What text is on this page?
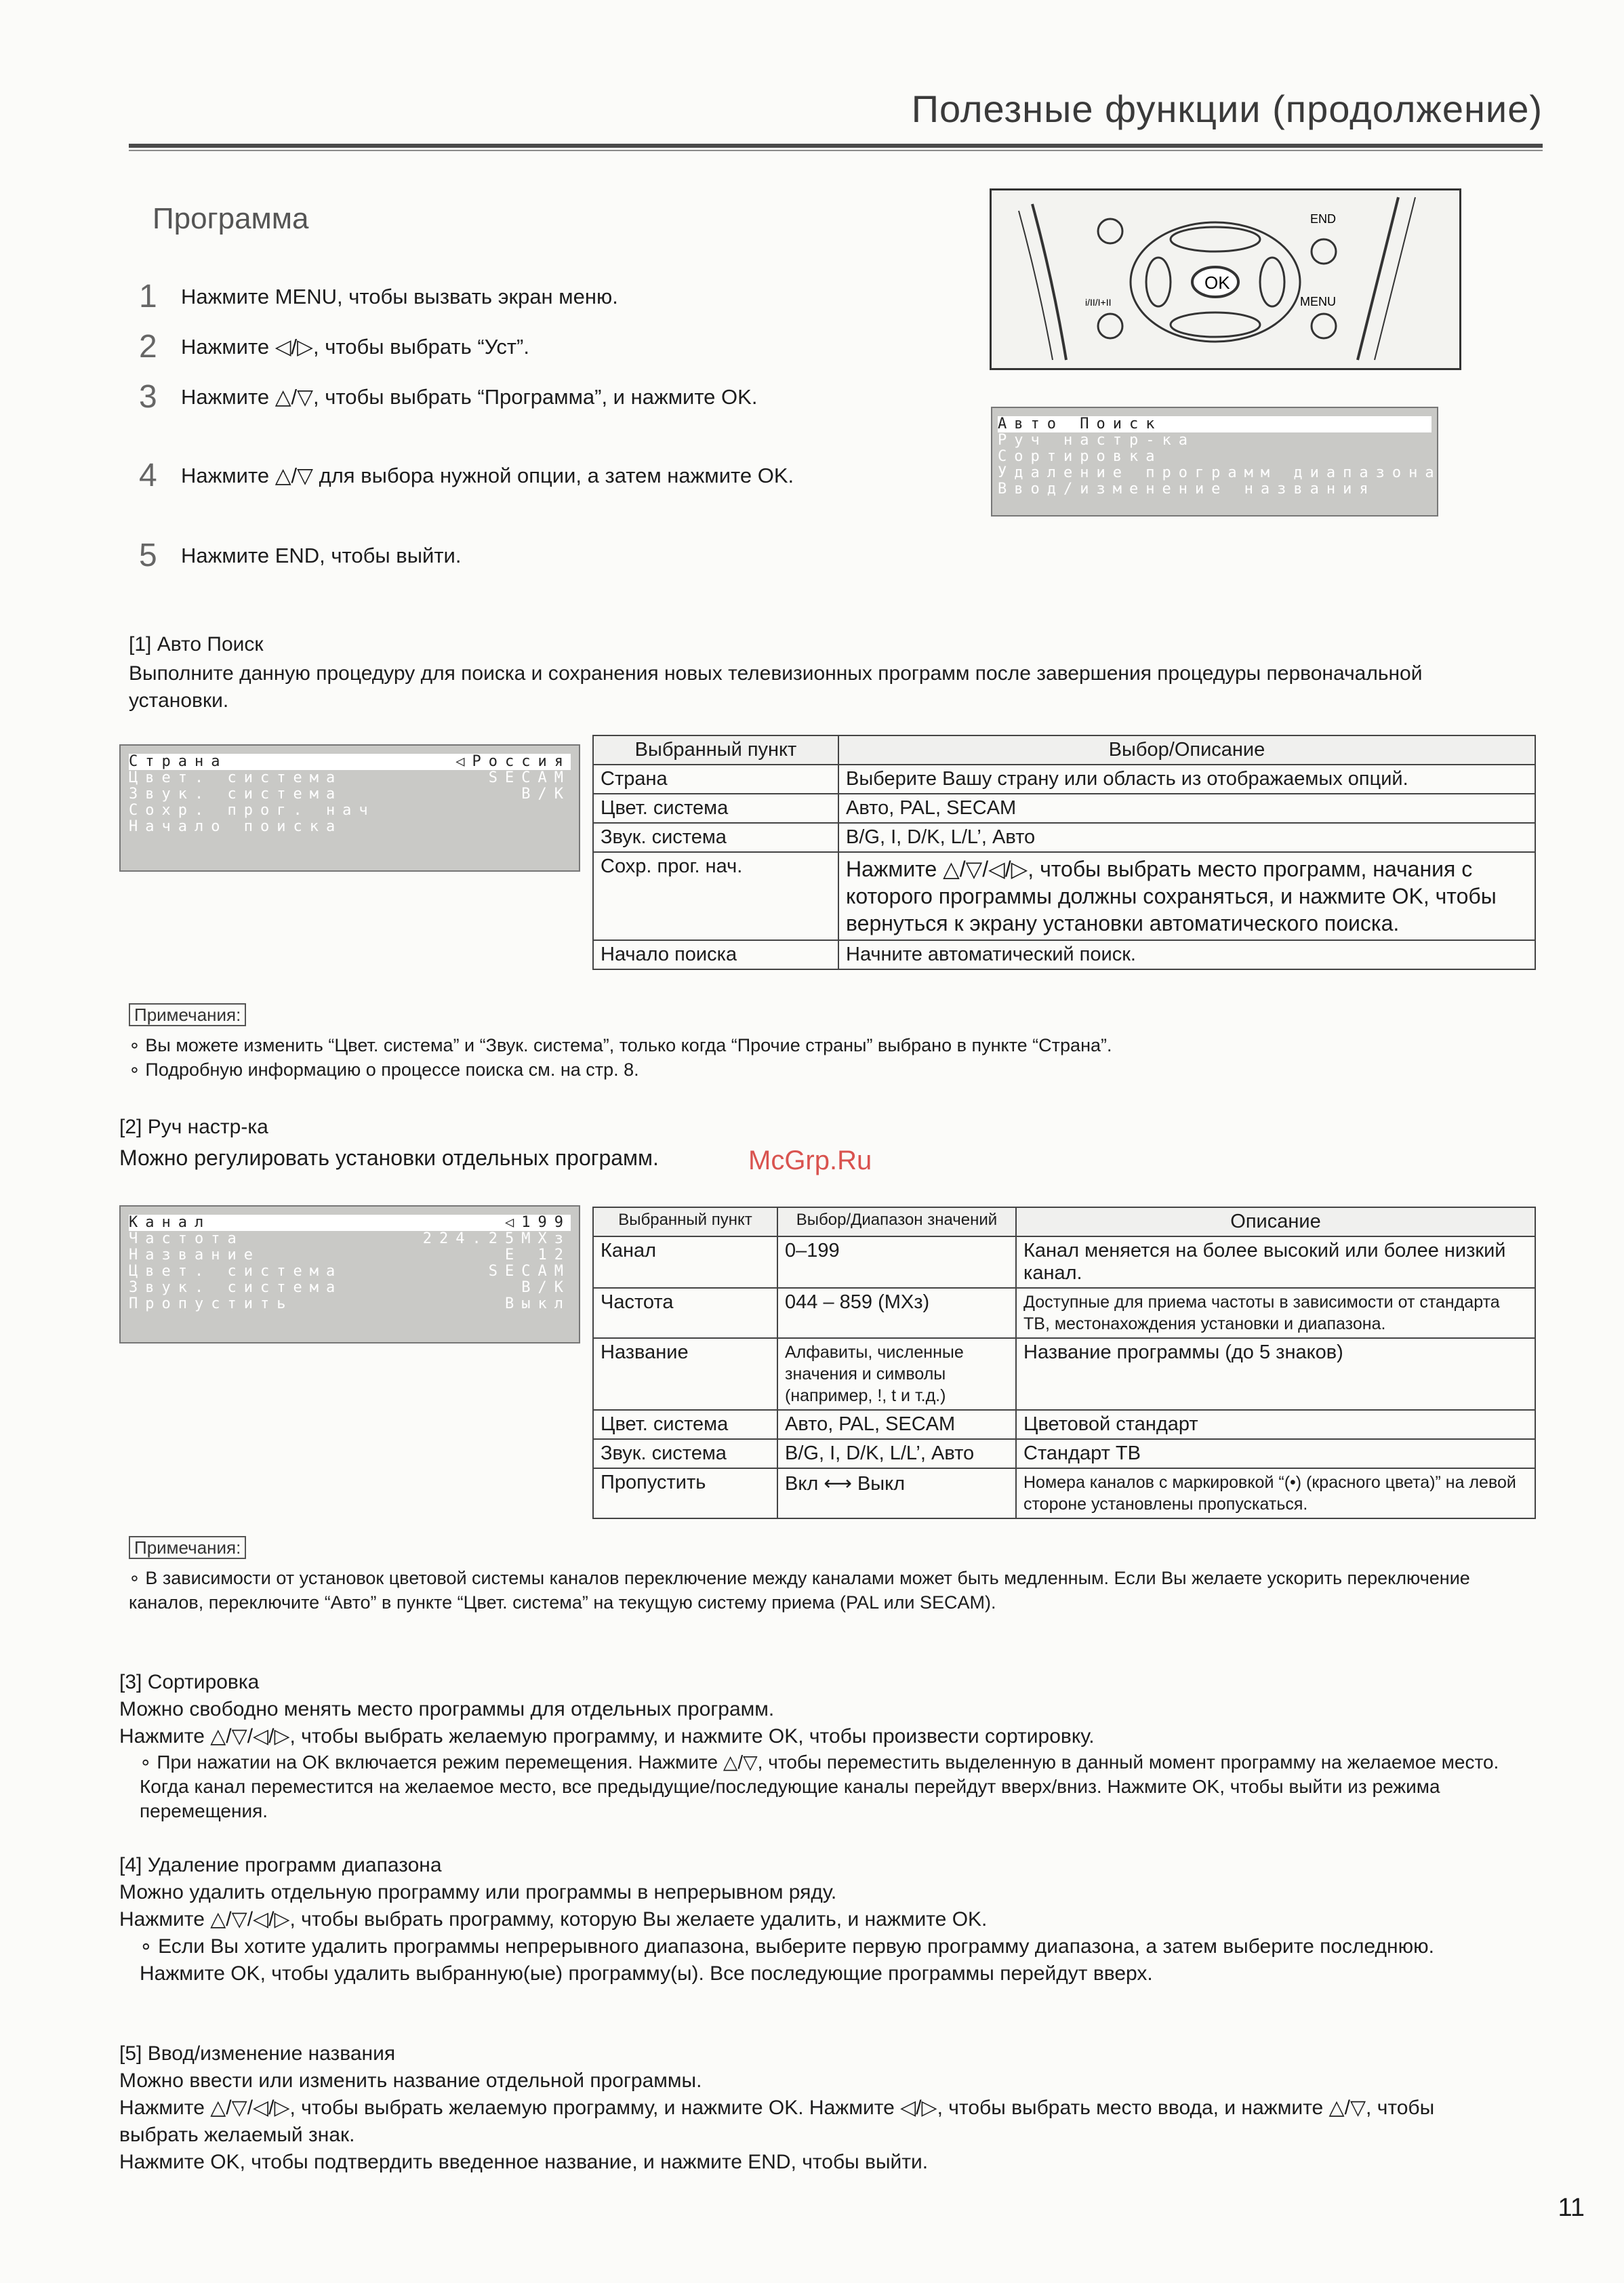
Полезные функции (продолжение)
Программа
1 Нажмите MENU, чтобы вызвать экран меню.
2 Нажмите ◁/▷, чтобы выбрать “Уст”.
3 Нажмите △/▽, чтобы выбрать “Программа”, и нажмите OK.
4 Нажмите △/▽ для выбора нужной опции, а затем нажмите OK.
5 Нажмите END, чтобы выйти.
OK
END
MENU
i/II/I+II
Авто Поиск
Руч настр-ка
Сортировка
Удаление программ диапазона
Ввод/изменение названия
[1] Авто Поиск
Выполните данную процедуру для поиска и сохранения новых телевизионных программ после завершения процедуры первоначальной установки.
Страна	◁Россия
Цвет. система	SECAM
Звук. система	B/K
Сохр. прог. нач
Начало поиска
Выбранный пункт	Выбор/Описание
Страна	Выберите Вашу страну или область из отображаемых опций.
Цвет. система	Авто, PAL, SECAM
Звук. система	B/G, I, D/K, L/L’, Авто
Сохр. прог. нач.	Нажмите △/▽/◁/▷, чтобы выбрать место программ, начания с которого программы должны сохраняться, и нажмите OK, чтобы вернуться к экрану установки автоматического поиска.
Начало поиска	Начните автоматический поиск.
Примечания:
∘ Вы можете изменить “Цвет. система” и “Звук. система”, только когда “Прочие страны” выбрано в пункте “Страна”.
∘ Подробную информацию о процессе поиска см. на стр. 8.
[2] Руч настр-ка
Можно регулировать установки отдельных программ.	McGrp.Ru
Канал	◁199
Частота	224.25МХз
Название	E 12
Цвет. система	SECAM
Звук. система	B/K
Пропустить	Выкл
Выбранный пункт	Выбор/Диапазон значений	Описание
Канал	0–199	Канал меняется на более высокий или более низкий канал.
Частота	044 – 859 (МХз)	Доступные для приема частоты в зависимости от стандарта ТВ, местонахождения установки и диапазона.
Название	Алфавиты, численные значения и символы (например, !, t и т.д.)	Название программы (до 5 знаков)
Цвет. система	Авто, PAL, SECAM	Цветовой стандарт
Звук. система	B/G, I, D/K, L/L’, Авто	Стандарт ТВ
Пропустить	Вкл ⟷ Выкл	Номера каналов с маркировкой “(•) (красного цвета)” на левой стороне установлены пропускаться.
Примечания:
∘ В зависимости от установок цветовой системы каналов переключение между каналами может быть медленным. Если Вы желаете ускорить переключение каналов, переключите “Авто” в пункте “Цвет. система” на текущую систему приема (PAL или SECAM).
[3] Сортировка
Можно свободно менять место программы для отдельных программ.
Нажмите △/▽/◁/▷, чтобы выбрать желаемую программу, и нажмите OK, чтобы произвести сортировку.
∘ При нажатии на OK включается режим перемещения. Нажмите △/▽, чтобы переместить выделенную в данный момент программу на желаемое место. Когда канал переместится на желаемое место, все предыдущие/последующие каналы перейдут вверх/вниз. Нажмите OK, чтобы выйти из режима перемещения.
[4] Удаление программ диапазона
Можно удалить отдельную программу или программы в непрерывном ряду.
Нажмите △/▽/◁/▷, чтобы выбрать программу, которую Вы желаете удалить, и нажмите OK.
∘ Если Вы хотите удалить программы непрерывного диапазона, выберите первую программу диапазона, а затем выберите последнюю.
Нажмите OK, чтобы удалить выбранную(ые) программу(ы). Все последующие программы перейдут вверх.
[5] Ввод/изменение названия
Можно ввести или изменить название отдельной программы.
Нажмите △/▽/◁/▷, чтобы выбрать желаемую программу, и нажмите OK. Нажмите ◁/▷, чтобы выбрать место ввода, и нажмите △/▽, чтобы выбрать желаемый знак.
Нажмите OK, чтобы подтвердить введенное название, и нажмите END, чтобы выйти.
11
